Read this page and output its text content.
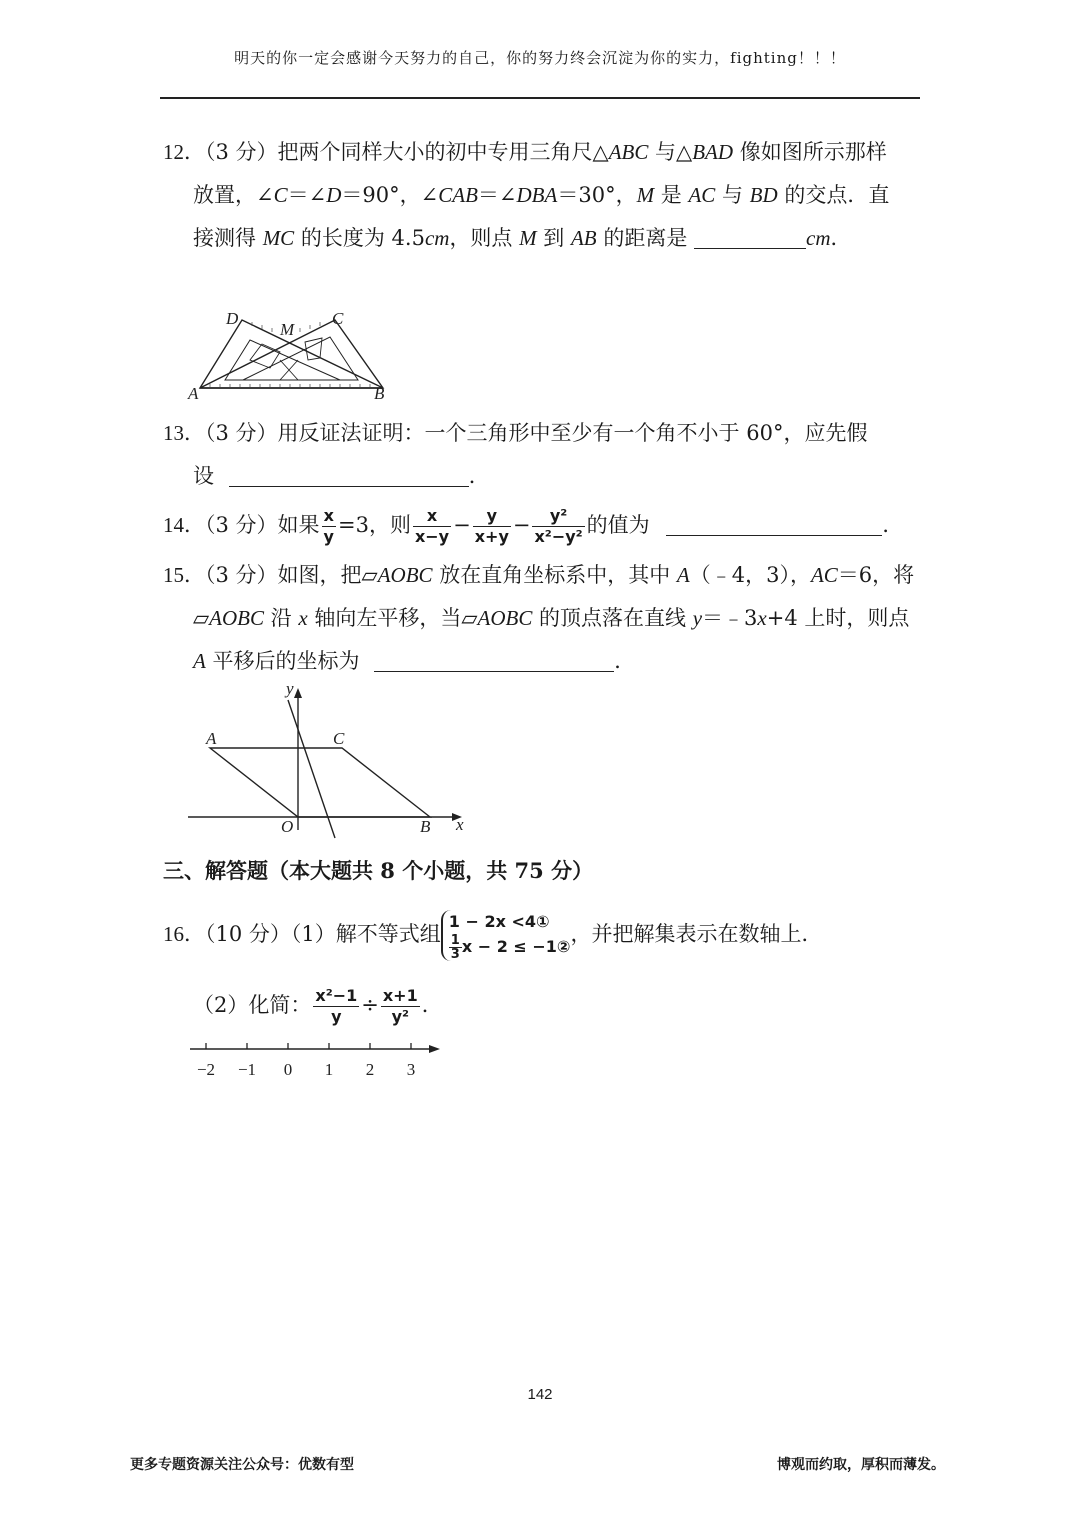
明天的你一定会感谢今天努力的自己，你的努力终会沉淀为你的实力，fighting！！！
12．（3 分）把两个同样大小的初中专用三角尺△ABC 与△BAD 像如图所示那样
放置，∠C＝∠D＝90°，∠CAB＝∠DBA＝30°，M 是 AC 与 BD 的交点．直
接测得 MC 的长度为 4.5cm，则点 M 到 AB 的距离是	cm．
A	B
C
D
M
13．（3 分）用反证法证明：一个三角形中至少有一个角不小于 60°，应先假
设	．
14．（3 分）如果 $\frac{x}{y} =3$，则 $\frac{x}{x-y} - \frac{y}{x+y} - \frac{\text{y²}}{\text{x²−y²}}$ 的值为	．
15．（3 分）如图，把▱AOBC 放在直角坐标系中，其中 A（﹣4，3），AC＝6，将
▱AOBC 沿 x 轴向左平移，当▱AOBC 的顶点落在直线 y＝﹣3x+4 上时，则点
A 平移后的坐标为	．
A	C
O	B x
y
三、解答题（本大题共 8 个小题，共 75 分）
16．（10 分）（1）解不等式组
1 − 2x <4①
$\frac{1}{3}$ x − 2 ≤ −1②
，并把解集表示在数轴上．
（2）化简： $\frac{\text{x²−1}}{y} \div \frac{x+1}{\text{y²}}$ ．
−2 −1 0 1 2 3
142
更多专题资源关注公众号：优数有型	博观而约取，厚积而薄发。
